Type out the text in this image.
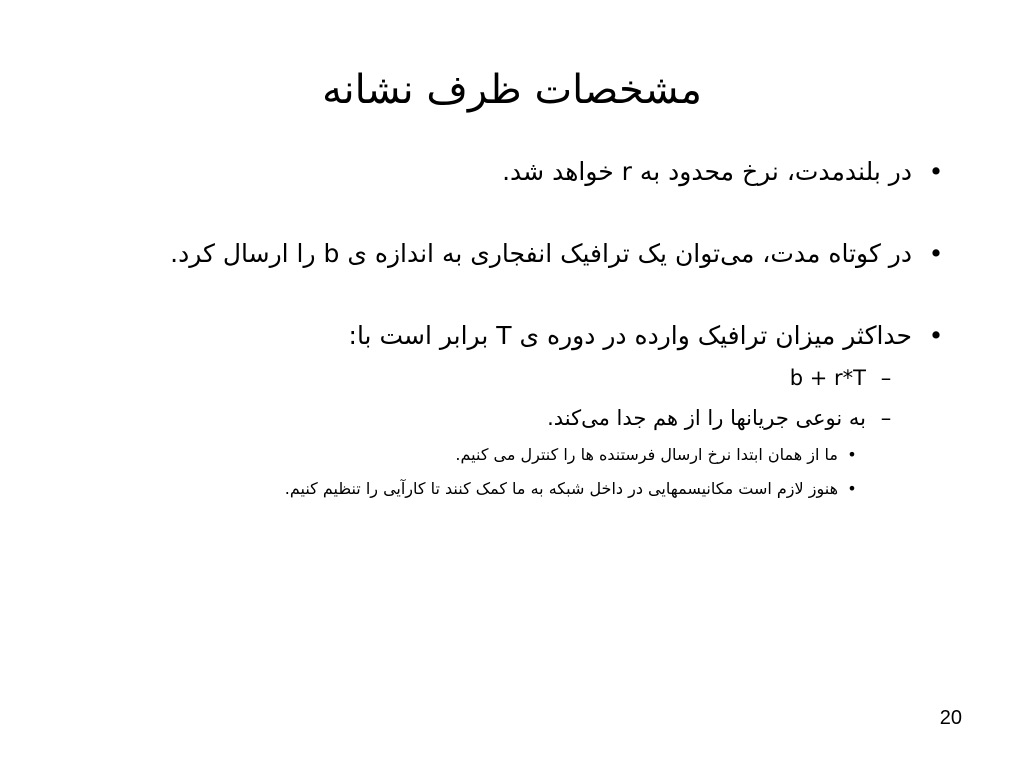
مشخصات ظرف نشانه
•
در بلندمدت، نرخ محدود به r خواهد شد.
•
در کوتاه مدت، می‌توان یک ترافیک انفجاری به اندازه ی b را ارسال کرد.
•
حداکثر میزان ترافیک وارده در دوره ی T برابر است با:
–
b + r*T
–
به نوعی جریانها را از هم جدا می‌کند.
•
ما از همان ابتدا نرخ ارسال فرستنده ها را کنترل می کنیم.
•
هنوز لازم است مکانیسمهایی در داخل شبکه به ما کمک کنند تا کارآیی را تنظیم کنیم.
20
